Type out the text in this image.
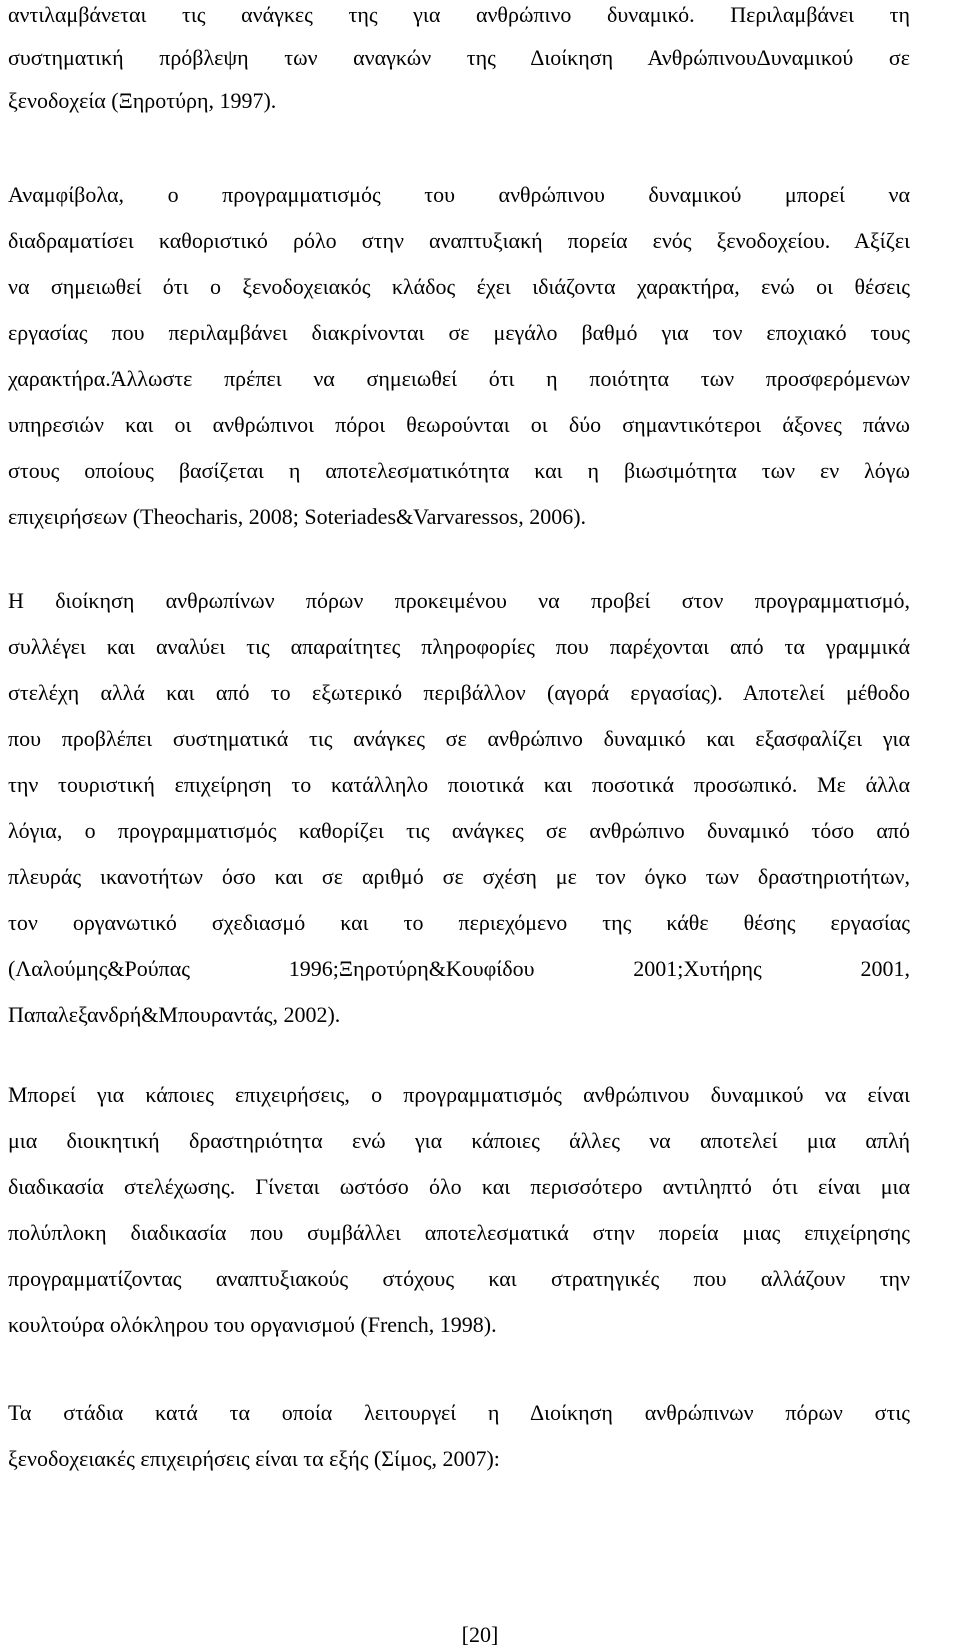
αντιλαμβάνεται τις ανάγκες της για ανθρώπινο δυναμικό. Περιλαμβάνει τη
συστηματική πρόβλεψη των αναγκών της Διοίκηση ΑνθρώπινουΔυναμικού σε
ξενοδοχεία (Ξηροτύρη, 1997).
Αναμφίβολα, ο προγραμματισμός του ανθρώπινου δυναμικού μπορεί να
διαδραματίσει καθοριστικό ρόλο στην αναπτυξιακή πορεία ενός ξενοδοχείου. Αξίζει
να σημειωθεί ότι ο ξενοδοχειακός κλάδος έχει ιδιάζοντα χαρακτήρα, ενώ οι θέσεις
εργασίας που περιλαμβάνει διακρίνονται σε μεγάλο βαθμό για τον εποχιακό τους
χαρακτήρα.Άλλωστε πρέπει να σημειωθεί ότι η ποιότητα των προσφερόμενων
υπηρεσιών και οι ανθρώπινοι πόροι θεωρούνται οι δύο σημαντικότεροι άξονες πάνω
στους οποίους βασίζεται η αποτελεσματικότητα και η βιωσιμότητα των εν λόγω
επιχειρήσεων (Theocharis, 2008; Soteriades&Varvaressos, 2006).
Η διοίκηση ανθρωπίνων πόρων προκειμένου να προβεί στον προγραμματισμό,
συλλέγει και αναλύει τις απαραίτητες πληροφορίες που παρέχονται από τα γραμμικά
στελέχη αλλά και από το εξωτερικό περιβάλλον (αγορά εργασίας). Αποτελεί μέθοδο
που προβλέπει συστηματικά τις ανάγκες σε ανθρώπινο δυναμικό και εξασφαλίζει για
την τουριστική επιχείρηση το κατάλληλο ποιοτικά και ποσοτικά προσωπικό. Με άλλα
λόγια, ο προγραμματισμός καθορίζει τις ανάγκες σε ανθρώπινο δυναμικό τόσο από
πλευράς ικανοτήτων όσο και σε αριθμό σε σχέση με τον όγκο των δραστηριοτήτων,
τον οργανωτικό σχεδιασμό και το περιεχόμενο της κάθε θέσης εργασίας
(Λαλούμης&Ρούπας 1996;Ξηροτύρη&Κουφίδου 2001;Χυτήρης 2001,
Παπαλεξανδρή&Μπουραντάς, 2002).
Μπορεί για κάποιες επιχειρήσεις, ο προγραμματισμός ανθρώπινου δυναμικού να είναι
μια διοικητική δραστηριότητα ενώ για κάποιες άλλες να αποτελεί μια απλή
διαδικασία στελέχωσης. Γίνεται ωστόσο όλο και περισσότερο αντιληπτό ότι είναι μια
πολύπλοκη διαδικασία που συμβάλλει αποτελεσματικά στην πορεία μιας επιχείρησης
προγραμματίζοντας αναπτυξιακούς στόχους και στρατηγικές που αλλάζουν την
κουλτούρα ολόκληρου του οργανισμού (French, 1998).
Τα στάδια κατά τα οποία λειτουργεί η Διοίκηση ανθρώπινων πόρων στις
ξενοδοχειακές επιχειρήσεις είναι τα εξής (Σίμος, 2007):
[20]
